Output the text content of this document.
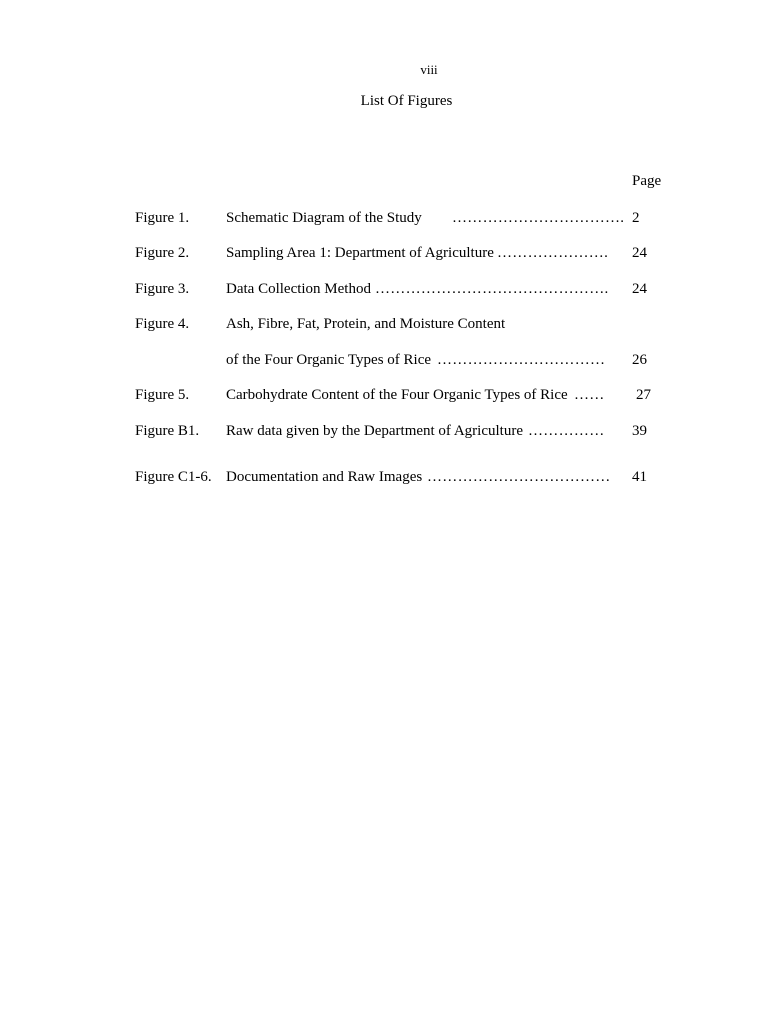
viii
List Of Figures
Page
Figure 1. Schematic Diagram of the Study ……………………………. 2
Figure 2. Sampling Area 1: Department of Agriculture …………………. 24
Figure 3. Data Collection Method ………………………………………. 24
Figure 4. Ash, Fibre, Fat, Protein, and Moisture Content
of the Four Organic Types of Rice …………………………… 26
Figure 5. Carbohydrate Content of the Four Organic Types of Rice …… 27
Figure B1. Raw data given by the Department of Agriculture …………… 39
Figure C1-6. Documentation and Raw Images ……………………………… 41
